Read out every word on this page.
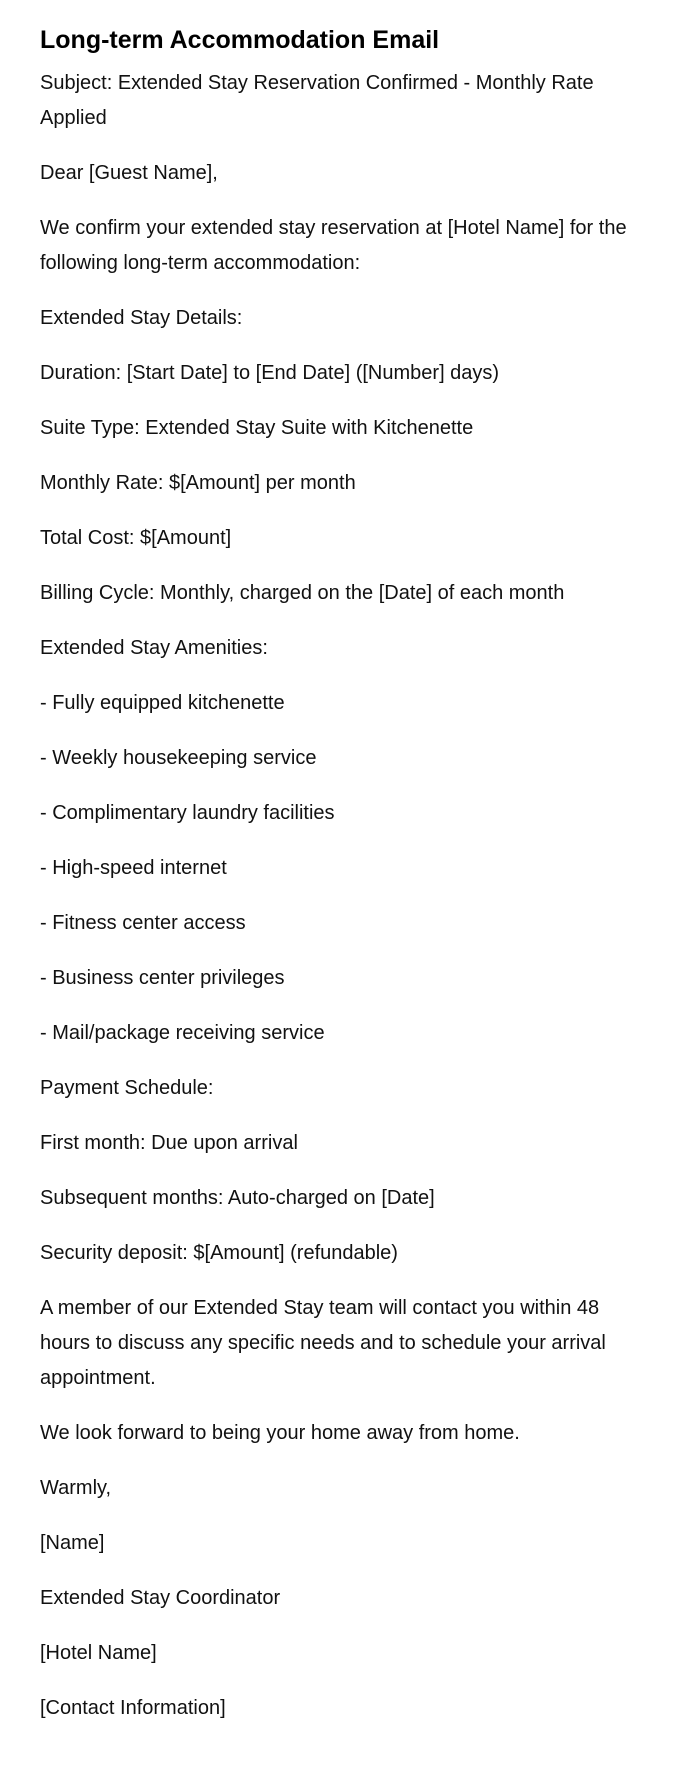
Long-term Accommodation Email

Subject: Extended Stay Reservation Confirmed - Monthly Rate Applied

Dear [Guest Name],

We confirm your extended stay reservation at [Hotel Name] for the following long-term accommodation:

Extended Stay Details:

Duration: [Start Date] to [End Date] ([Number] days)

Suite Type: Extended Stay Suite with Kitchenette

Monthly Rate: $[Amount] per month

Total Cost: $[Amount]

Billing Cycle: Monthly, charged on the [Date] of each month

Extended Stay Amenities:

- Fully equipped kitchenette

- Weekly housekeeping service

- Complimentary laundry facilities

- High-speed internet

- Fitness center access

- Business center privileges

- Mail/package receiving service

Payment Schedule:

First month: Due upon arrival

Subsequent months: Auto-charged on [Date]

Security deposit: $[Amount] (refundable)

A member of our Extended Stay team will contact you within 48 hours to discuss any specific needs and to schedule your arrival appointment.

We look forward to being your home away from home.

Warmly,

[Name]

Extended Stay Coordinator

[Hotel Name]

[Contact Information]
